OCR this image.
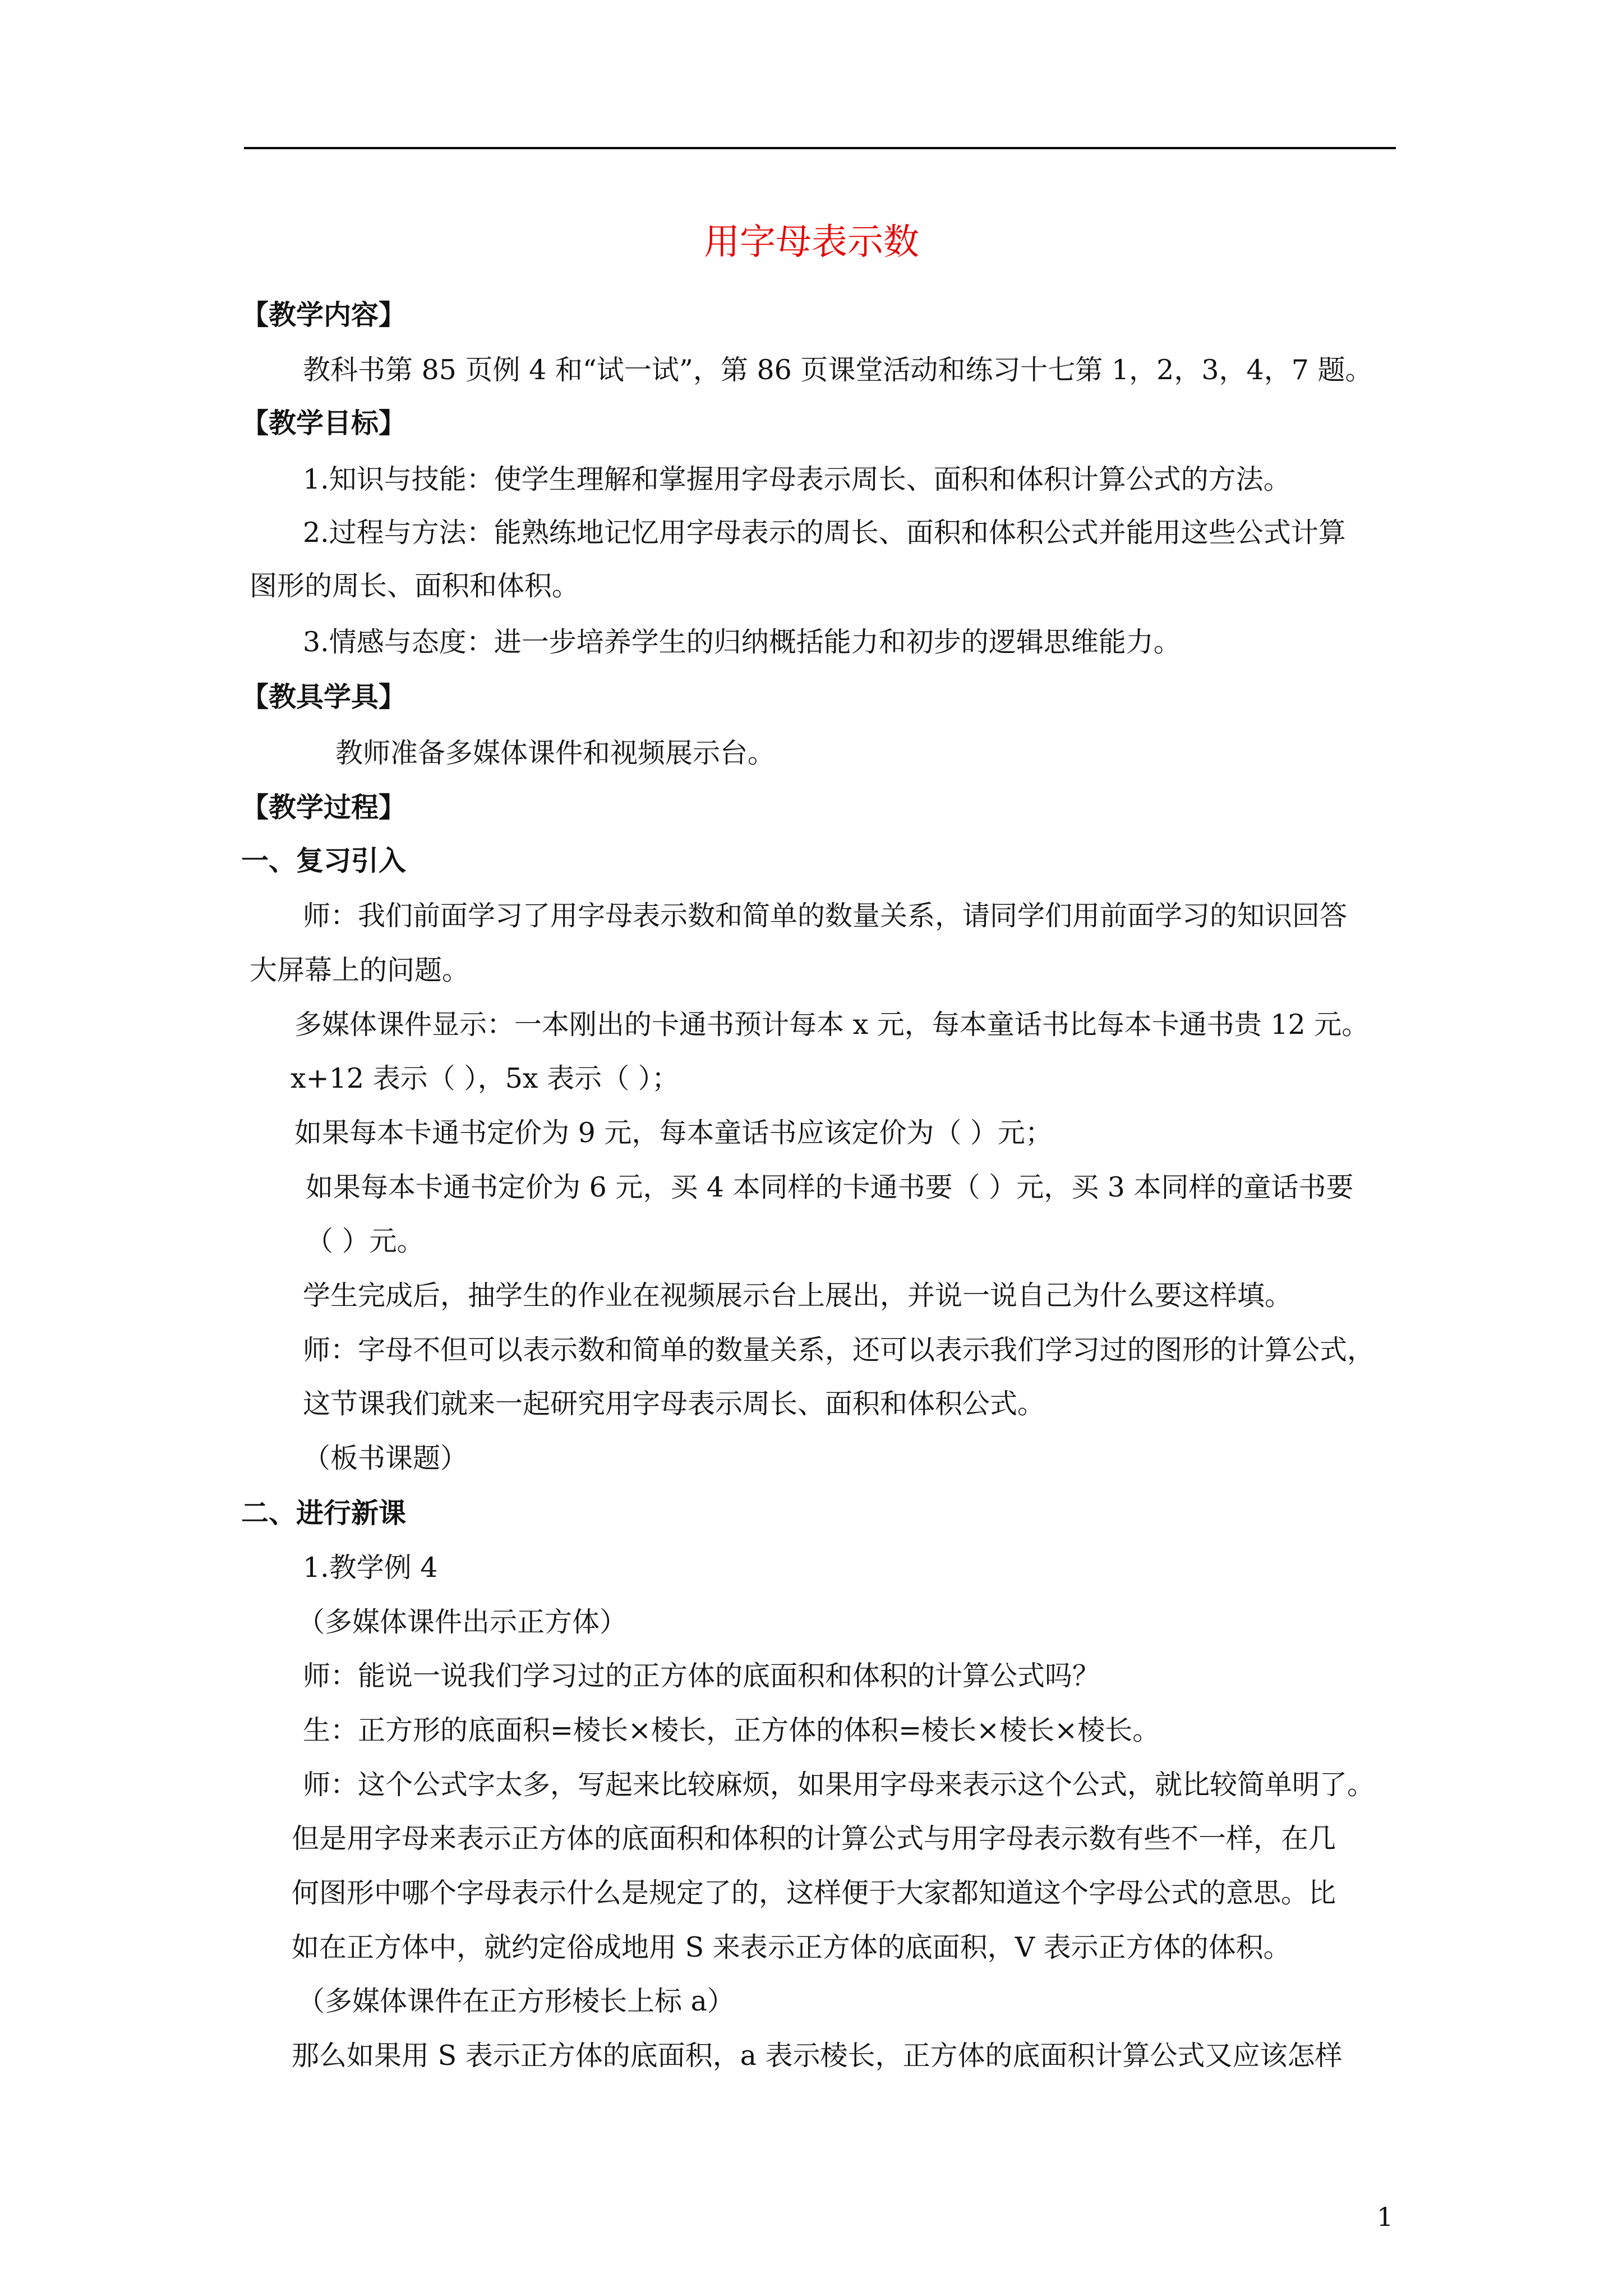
用字母表示数
【教学内容】
教科书第 85 页例 4 和“试一试”，第 86 页课堂活动和练习十七第 1，2，3，4，7 题。
【教学目标】
1.知识与技能：使学生理解和掌握用字母表示周长、面积和体积计算公式的方法。
2.过程与方法：能熟练地记忆用字母表示的周长、面积和体积公式并能用这些公式计算
图形的周长、面积和体积。
3.情感与态度：进一步培养学生的归纳概括能力和初步的逻辑思维能力。
【教具学具】
教师准备多媒体课件和视频展示台。
【教学过程】
一、复习引入
师：我们前面学习了用字母表示数和简单的数量关系，请同学们用前面学习的知识回答
大屏幕上的问题。
多媒体课件显示：一本刚出的卡通书预计每本 x 元，每本童话书比每本卡通书贵 12 元。
x+12 表示（ ），5x 表示（ ）；
如果每本卡通书定价为 9 元，每本童话书应该定价为（ ）元；
如果每本卡通书定价为 6 元，买 4 本同样的卡通书要（ ）元，买 3 本同样的童话书要
（ ）元。
学生完成后，抽学生的作业在视频展示台上展出，并说一说自己为什么要这样填。
师：字母不但可以表示数和简单的数量关系，还可以表示我们学习过的图形的计算公式，
这节课我们就来一起研究用字母表示周长、面积和体积公式。
（板书课题）
二、进行新课
1.教学例 4
（多媒体课件出示正方体）
师：能说一说我们学习过的正方体的底面积和体积的计算公式吗？
生：正方形的底面积=棱长×棱长，正方体的体积=棱长×棱长×棱长。
师：这个公式字太多，写起来比较麻烦，如果用字母来表示这个公式，就比较简单明了。
但是用字母来表示正方体的底面积和体积的计算公式与用字母表示数有些不一样，在几
何图形中哪个字母表示什么是规定了的，这样便于大家都知道这个字母公式的意思。比
如在正方体中，就约定俗成地用 S 来表示正方体的底面积，V 表示正方体的体积。
（多媒体课件在正方形棱长上标 a）
那么如果用 S 表示正方体的底面积，a 表示棱长，正方体的底面积计算公式又应该怎样
1
